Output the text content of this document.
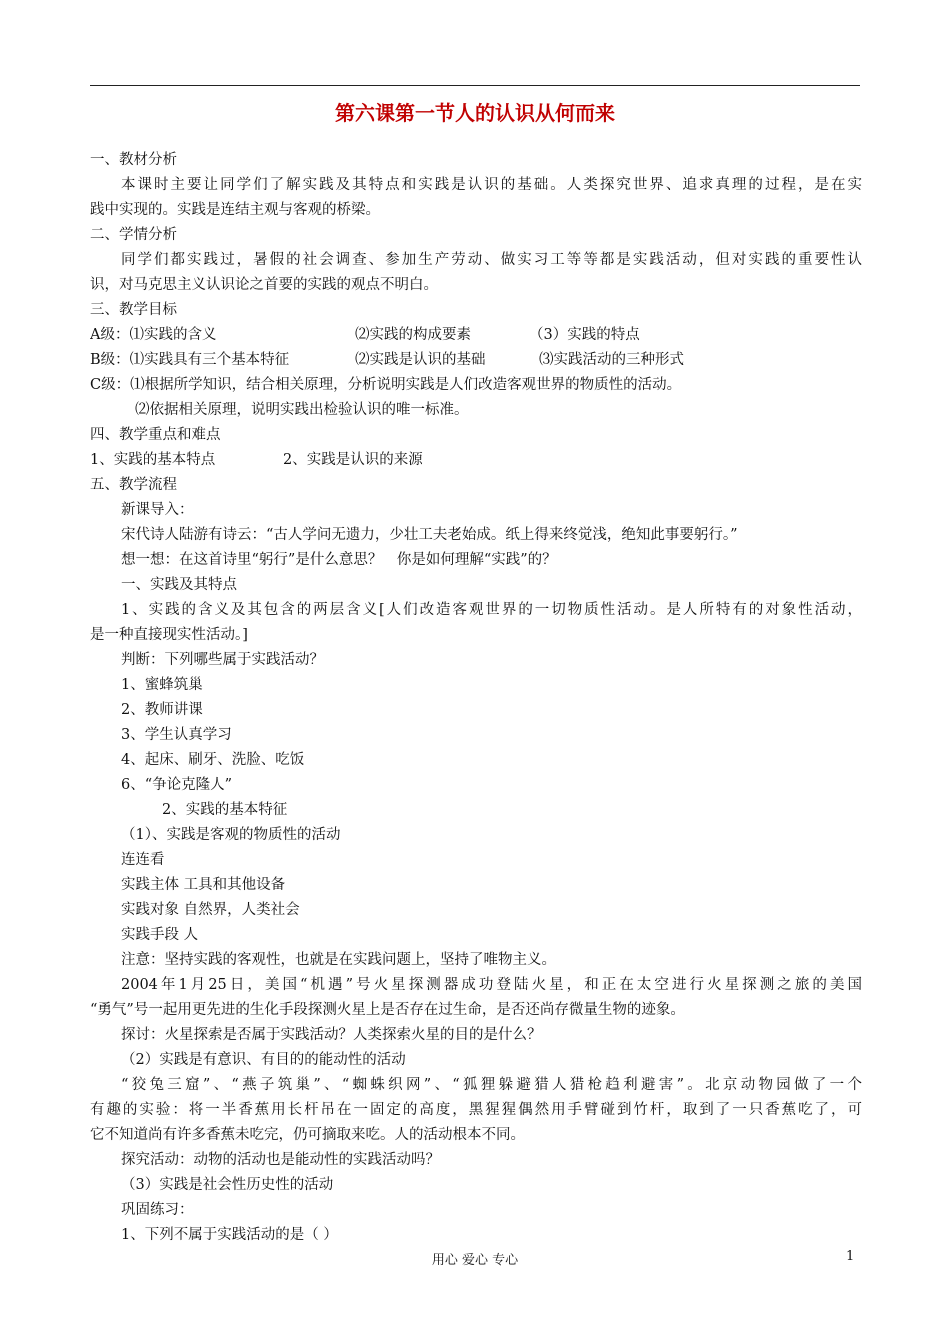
第六课第一节人的认识从何而来
一、教材分析
本课时主要让同学们了解实践及其特点和实践是认识的基础。人类探究世界、追求真理的过程，是在实
践中实现的。实践是连结主观与客观的桥梁。
二、学情分析
同学们都实践过，暑假的社会调查、参加生产劳动、做实习工等等都是实践活动，但对实践的重要性认
识，对马克思主义认识论之首要的实践的观点不明白。
三、教学目标
A级：⑴实践的含义	⑵实践的构成要素	（3）实践的特点
B级：⑴实践具有三个基本特征	⑵实践是认识的基础	⑶实践活动的三种形式
C级：⑴根据所学知识，结合相关原理，分析说明实践是人们改造客观世界的物质性的活动。
⑵依据相关原理，说明实践出检验认识的唯一标准。
四、教学重点和难点
1、实践的基本特点	2、实践是认识的来源
五、教学流程
新课导入：
宋代诗人陆游有诗云：“古人学问无遗力，少壮工夫老始成。纸上得来终觉浅，绝知此事要躬行。”
想一想：在这首诗里“躬行”是什么意思？　你是如何理解“实践”的？
一、实践及其特点
1、实践的含义及其包含的两层含义[人们改造客观世界的一切物质性活动。是人所特有的对象性活动，
是一种直接现实性活动。]
判断：下列哪些属于实践活动？
1、蜜蜂筑巢
2、教师讲课
3、学生认真学习
4、起床、刷牙、洗脸、吃饭
6、“争论克隆人”
2、实践的基本特征
（1）、实践是客观的物质性的活动
连连看
实践主体 工具和其他设备
实践对象 自然界，人类社会
实践手段 人
注意：坚持实践的客观性，也就是在实践问题上，坚持了唯物主义。
2004年1月25日，美国“机遇”号火星探测器成功登陆火星，和正在太空进行火星探测之旅的美国
“勇气”号一起用更先进的生化手段探测火星上是否存在过生命，是否还尚存微量生物的迹象。
探讨：火星探索是否属于实践活动？人类探索火星的目的是什么？
（2）实践是有意识、有目的的能动性的活动
“狡兔三窟”、“燕子筑巢”、“蜘蛛织网”、“狐狸躲避猎人猎枪趋利避害”。北京动物园做了一个
有趣的实验：将一半香蕉用长杆吊在一固定的高度，黑猩猩偶然用手臂碰到竹杆，取到了一只香蕉吃了，可
它不知道尚有许多香蕉未吃完，仍可摘取来吃。人的活动根本不同。
探究活动：动物的活动也是能动性的实践活动吗？
（3）实践是社会性历史性的活动
巩固练习：
1、下列不属于实践活动的是（ ）
用心 爱心 专心	1
